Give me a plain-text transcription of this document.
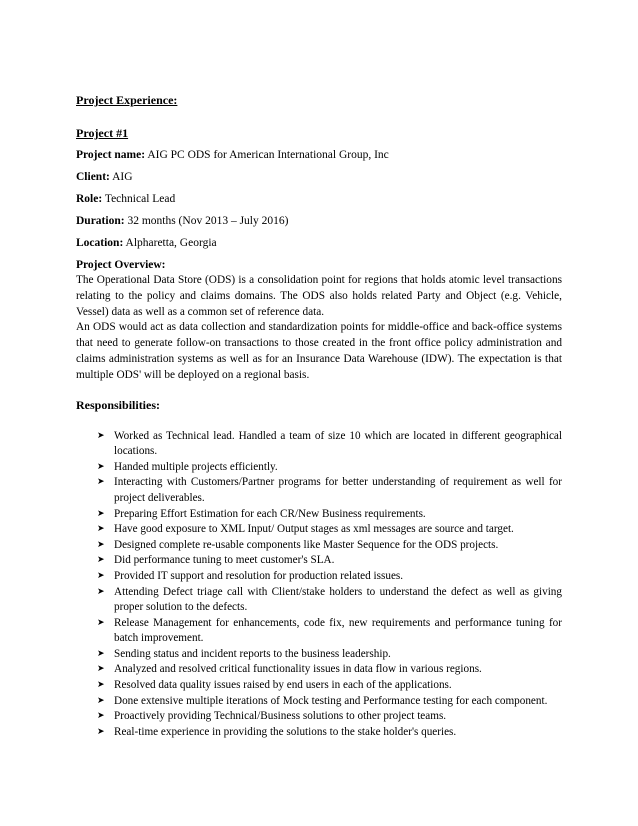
Project Experience:

Project #1

Project name: AIG PC ODS for American International Group, Inc

Client: AIG

Role: Technical Lead

Duration: 32 months (Nov 2013 – July 2016)

Location: Alpharetta, Georgia

Project Overview:

The Operational Data Store (ODS) is a consolidation point for regions that holds atomic level transactions relating to the policy and claims domains. The ODS also holds related Party and Object (e.g. Vehicle, Vessel) data as well as a common set of reference data.

An ODS would act as data collection and standardization points for middle-office and back-office systems that need to generate follow-on transactions to those created in the front office policy administration and claims administration systems as well as for an Insurance Data Warehouse (IDW). The expectation is that multiple ODS' will be deployed on a regional basis.

Responsibilities:

➤ Worked as Technical lead. Handled a team of size 10 which are located in different geographical locations.
➤ Handed multiple projects efficiently.
➤ Interacting with Customers/Partner programs for better understanding of requirement as well for project deliverables.
➤ Preparing Effort Estimation for each CR/New Business requirements.
➤ Have good exposure to XML Input/ Output stages as xml messages are source and target.
➤ Designed complete re-usable components like Master Sequence for the ODS projects.
➤ Did performance tuning to meet customer's SLA.
➤ Provided IT support and resolution for production related issues.
➤ Attending Defect triage call with Client/stake holders to understand the defect as well as giving proper solution to the defects.
➤ Release Management for enhancements, code fix, new requirements and performance tuning for batch improvement.
➤ Sending status and incident reports to the business leadership.
➤ Analyzed and resolved critical functionality issues in data flow in various regions.
➤ Resolved data quality issues raised by end users in each of the applications.
➤ Done extensive multiple iterations of Mock testing and Performance testing for each component.
➤ Proactively providing Technical/Business solutions to other project teams.
➤ Real-time experience in providing the solutions to the stake holder's queries.
